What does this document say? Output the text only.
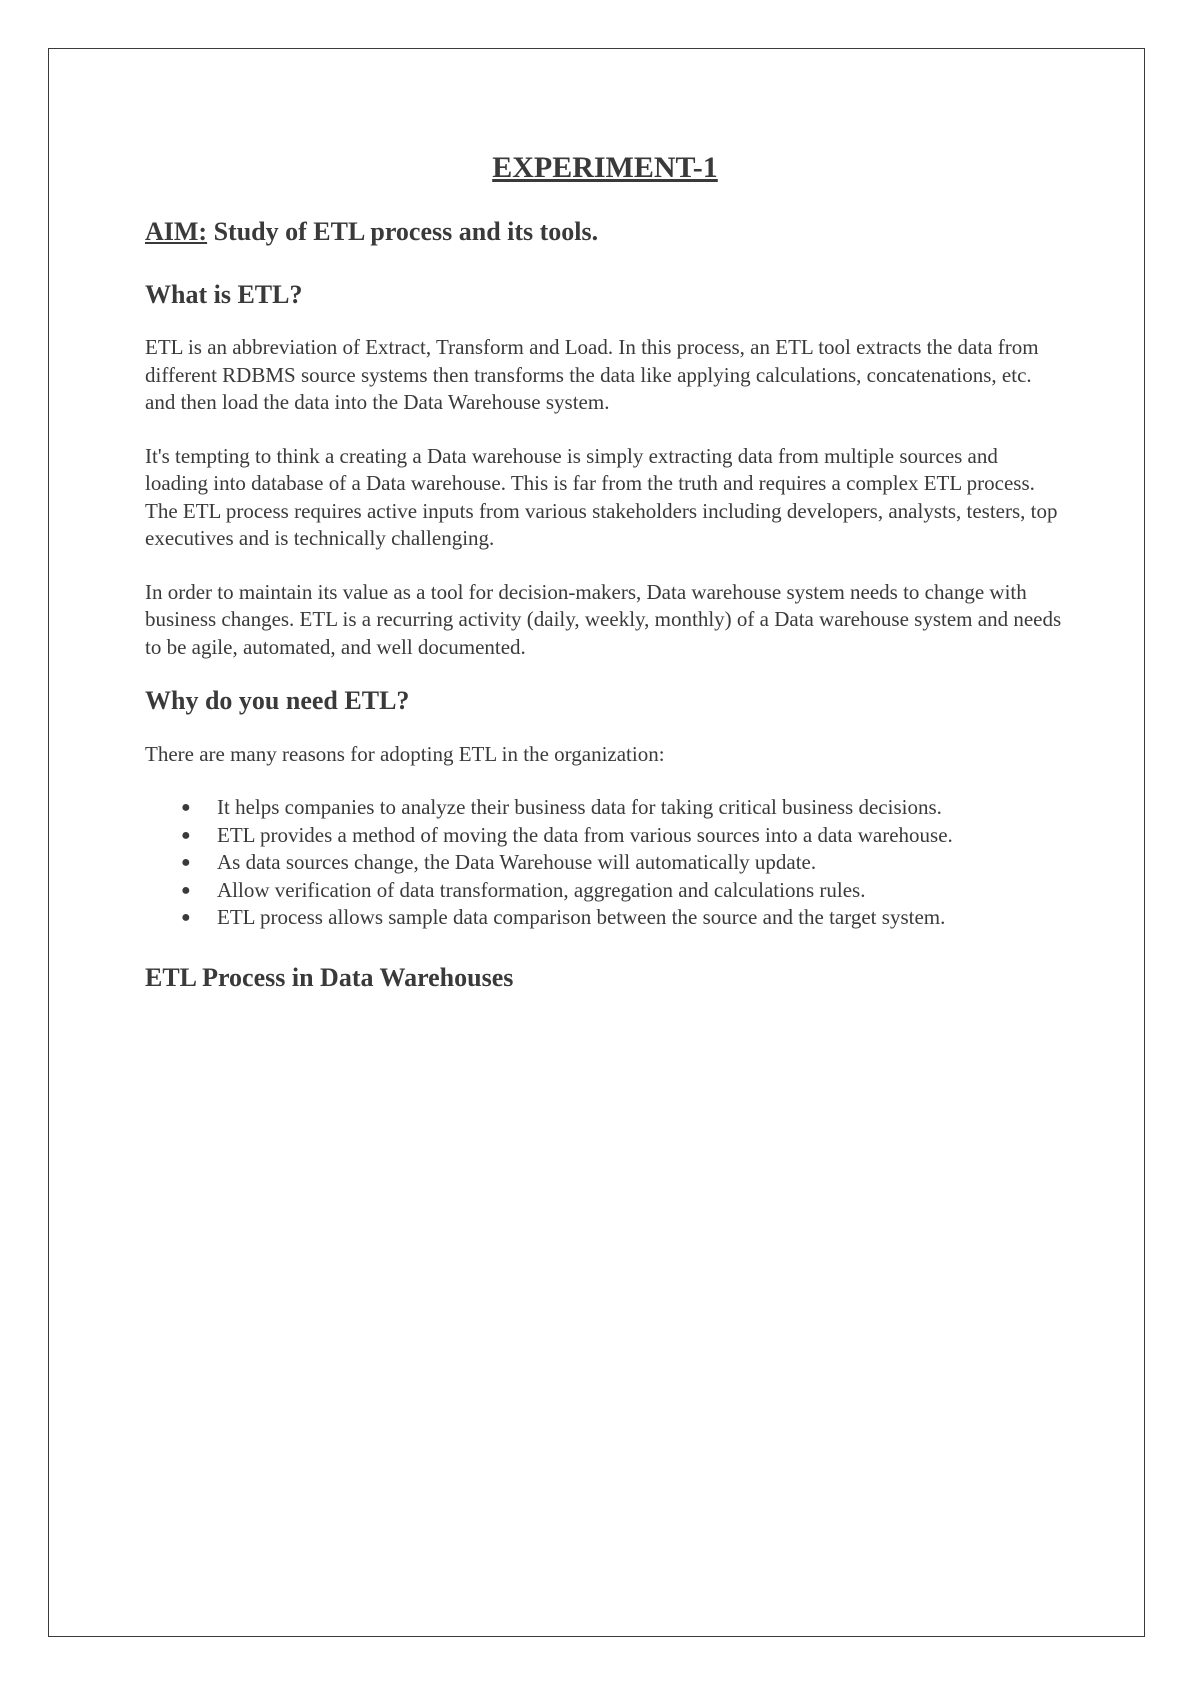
EXPERIMENT-1
AIM: Study of ETL process and its tools.
What is ETL?

ETL is an abbreviation of Extract, Transform and Load. In this process, an ETL tool extracts the data from different RDBMS source systems then transforms the data like applying calculations, concatenations, etc. and then load the data into the Data Warehouse system.

It's tempting to think a creating a Data warehouse is simply extracting data from multiple sources and loading into database of a Data warehouse. This is far from the truth and requires a complex ETL process. The ETL process requires active inputs from various stakeholders including developers, analysts, testers, top executives and is technically challenging.

In order to maintain its value as a tool for decision-makers, Data warehouse system needs to change with business changes. ETL is a recurring activity (daily, weekly, monthly) of a Data warehouse system and needs to be agile, automated, and well documented.

Why do you need ETL?

There are many reasons for adopting ETL in the organization:

● It helps companies to analyze their business data for taking critical business decisions.
● ETL provides a method of moving the data from various sources into a data warehouse.
● As data sources change, the Data Warehouse will automatically update.
● Allow verification of data transformation, aggregation and calculations rules.
● ETL process allows sample data comparison between the source and the target system.
ETL Process in Data Warehouses
